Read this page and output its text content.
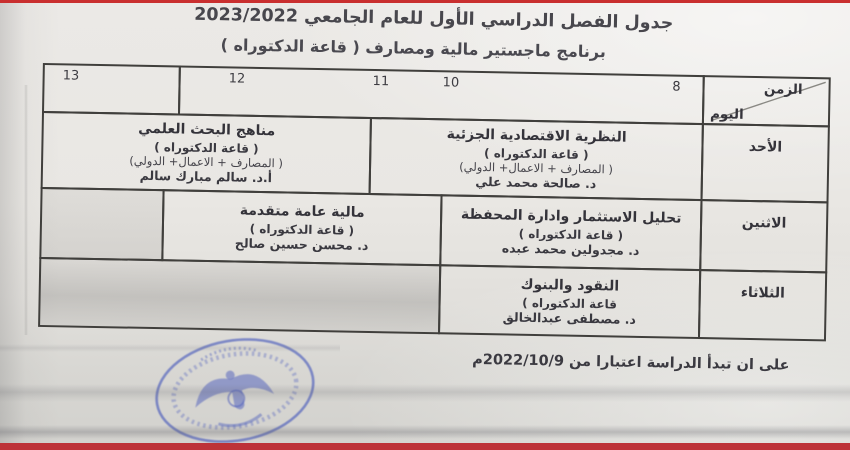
جدول الفصل الدراسي الأول للعام الجامعي 2023/2022
برنامج ماجستير مالية ومصارف ( قاعة الدكتوراه )
الزمن
اليوم
8
10
11
12
13
الأحد
النظرية الاقتصادية الجزئية
( قاعة الدكتوراه )
( المصارف + الاعمال+ الدولي)
د. صالحة محمد علي
مناهج البحث العلمي
( قاعة الدكتوراه )
( المصارف + الاعمال+ الدولي)
أ.د. سالم مبارك سالم
الاثنين
تحليل الاستثمار وادارة المحفظة
( قاعة الدكتوراه )
د. مجدولين محمد عبده
مالية عامة متقدمة
( قاعة الدكتوراه )
د. محسن حسين صالح
الثلاثاء
النقود والبنوك
قاعة الدكتوراه )
د. مصطفى عبدالخالق
على ان تبدأ الدراسة اعتبارا من 2022/10/9م
